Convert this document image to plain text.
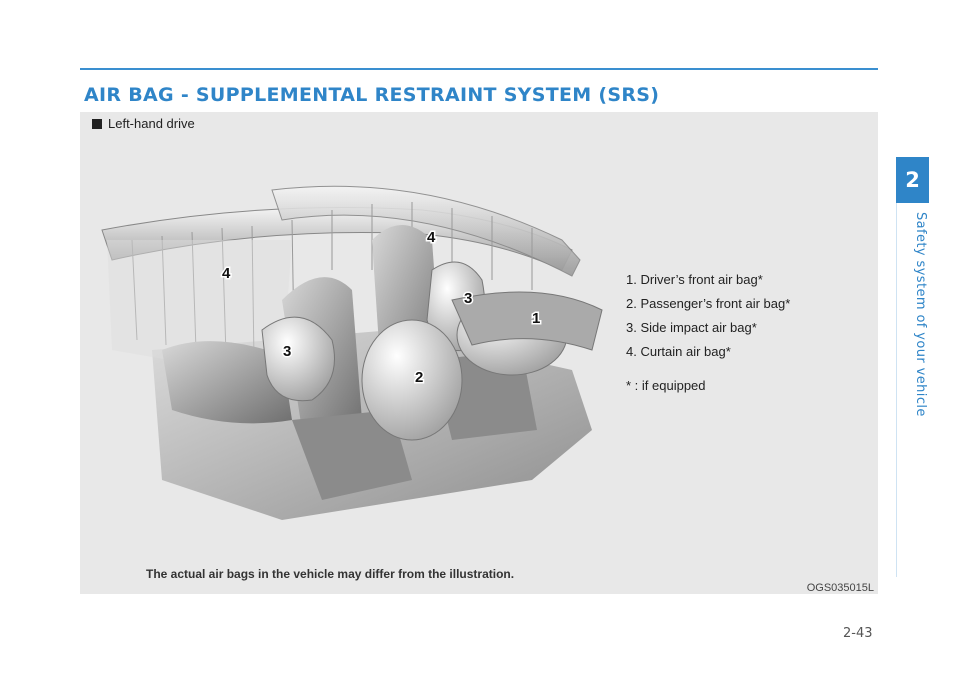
AIR BAG - SUPPLEMENTAL RESTRAINT SYSTEM (SRS)
2
Safety system of your vehicle
Left-hand drive
4
4
3
3
2
1
1. Driver’s front air bag*
2. Passenger’s front air bag*
3. Side impact air bag*
4. Curtain air bag*
* : if equipped
The actual air bags in the vehicle may differ from the illustration.
OGS035015L
2-43
